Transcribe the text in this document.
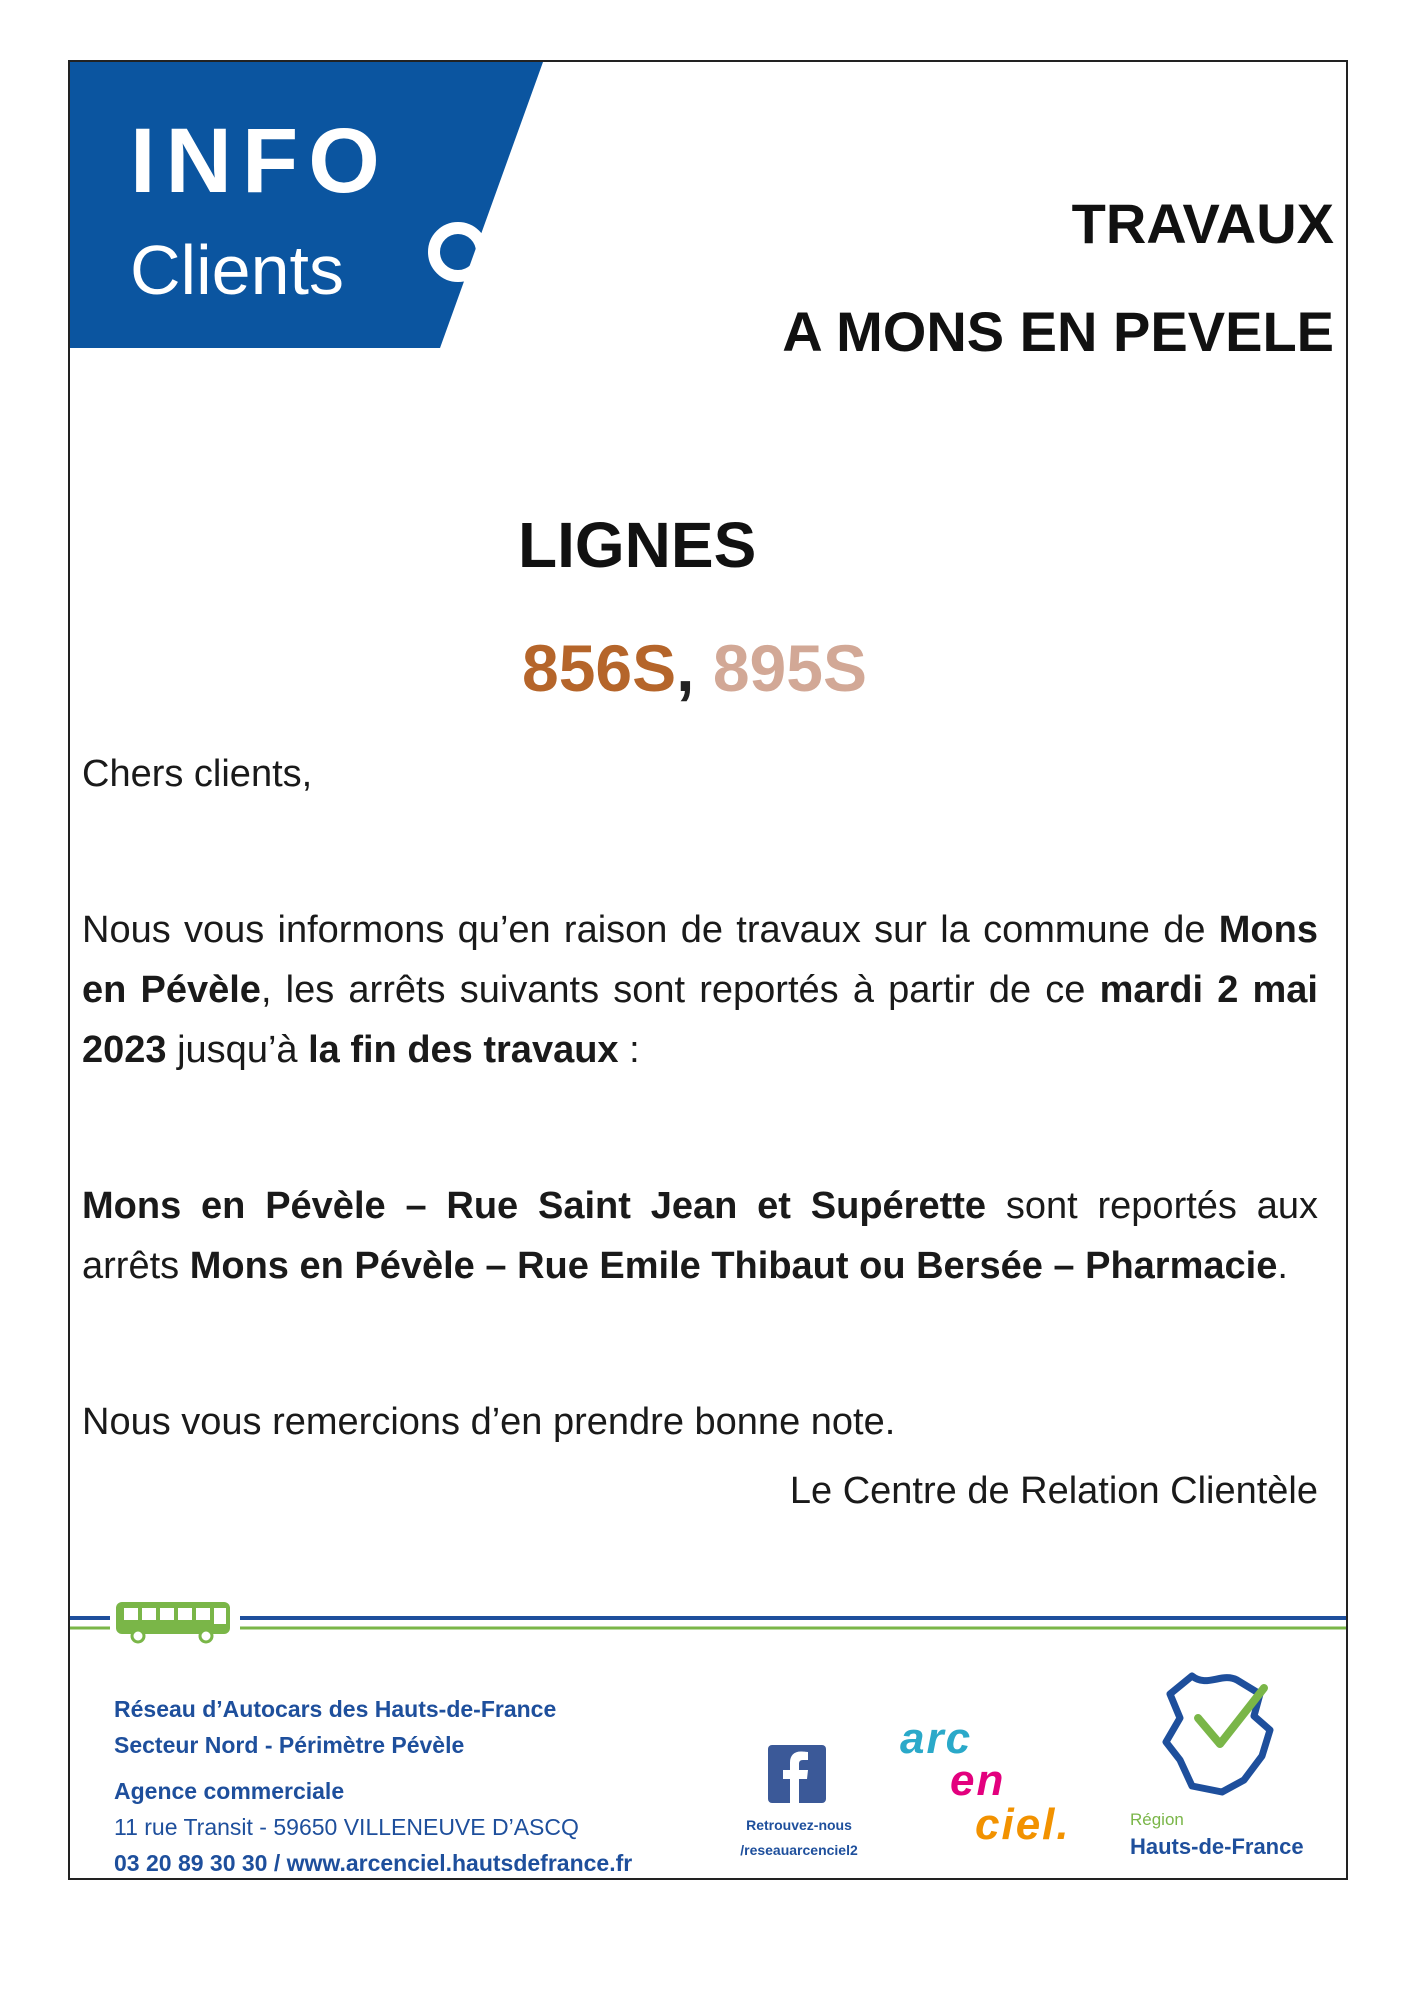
INFO
Clients
TRAVAUX
A MONS EN PEVELE
LIGNES
856S, 895S
Chers clients,
Nous vous informons qu’en raison de travaux sur la commune de Mons en Pévèle, les arrêts suivants sont reportés à partir de ce mardi 2 mai 2023 jusqu’à la fin des travaux :
Mons en Pévèle – Rue Saint Jean et Supérette sont reportés aux arrêts Mons en Pévèle – Rue Emile Thibaut ou Bersée – Pharmacie.
Nous vous remercions d’en prendre bonne note.
Le Centre de Relation Clientèle
Réseau d’Autocars des Hauts-de-France
Secteur Nord - Périmètre Pévèle
Agence commerciale
11 rue Transit - 59650 VILLENEUVE D’ASCQ
03 20 89 30 30 / www.arcenciel.hautsdefrance.fr
Retrouvez-nous
/reseauarcenciel2
arc
en
ciel.	Région
Hauts-de-France
